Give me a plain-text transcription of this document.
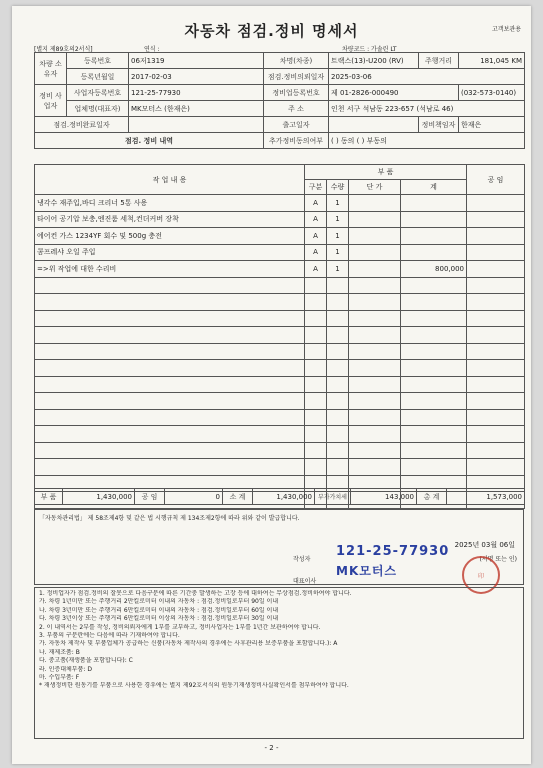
자동차 점검.정비 명세서	고객보관용
[별지 제89호의2서식]	연식 :	차량코드 : 가솔린 LT
차량 소유자	등록번호	06저1319	차명(차종)	트랙스(13)-U200 (RV)	주행거리	181,045 KM
	등록년월일	2017-02-03	점검.정비의뢰일자	2025-03-06		
정비 사업자	사업자등록번호	121-25-77930	정비업등록번호	제 01-2826-000490		(032-573-0140)
	업체명(대표자)	MK모터스 (한재은)	주 소	인천 서구 석남동 223-657 (석남로 46)		
점검.정비완료일자			출고일자		정비책임자	한재은
점검. 정비 내역			추가정비동의여부	( ) 동의 ( ) 부동의		
작 업 내 용	부 품				공 임
	구분	수량	단 가	계	
냉각수 재주입,바디 크리너 5통 사용	A	1			
타이어 공기압 보충,엔진룸 세척,컨더커버 장착	A	1			
에어컨 가스 1234YF 회수 및 500g 충전	A	1			
콤프레샤 오일 주입	A	1			
=>위 작업에 대한 수리비	A	1		800,000	

부 품	1,430,000	공 임	0	소 계	1,430,000	부가가치세	143,000	총 계	1,573,000
「자동차관리법」 제 58조제4항 및 같은 법 시행규칙 제 134조제2항에 따라 위와 같이 발급합니다.
2025년 03월 06일
작성자
대표이사
(서명 또는 인)
121-25-77930
MK모터스	印
1. 정비업자가 점검.정비의 잘못으로 다음구분에 따른 기간중 발생하는 고장 등에 대하여는 무상점검.정비하여야 합니다.
가. 차령 1년미만 또는 주행거리 2만킬로미터 이내의 자동차 : 점검.정비일로부터 90일 이내
나. 차령 3년미만 또는 주행거리 6만킬로미터 이내의 자동차 : 점검.정비일로부터 60일 이내
다. 차령 3년이상 또는 주행거리 6만킬로미터 이상의 자동차 : 점검.정비일로부터 30일 이내
2. 이 내역서는 2부를 작성, 정비의뢰자에게 1부를 교부하고, 정비사업자는 1부를 1년간 보관하여야 합니다.
3. 부품의 구분란에는 다음에 따라 기재하여야 합니다.
가. 자동차 제작사 및 부품업체가 공급하는 신품(자동차 제작사의 경우에는 사후관리용 보증부품을 포함합니다.): A
나. 재제조품: B
다. 중고품(재생품을 포함합니다): C
라. 인증대체부품: D
마. 수입부품: F
* 재생정비한 원동기를 부품으로 사용한 경우에는 별지 제92호서식의 원동기재생정비사실확인서를 첨부하여야 합니다.
- 2 -
